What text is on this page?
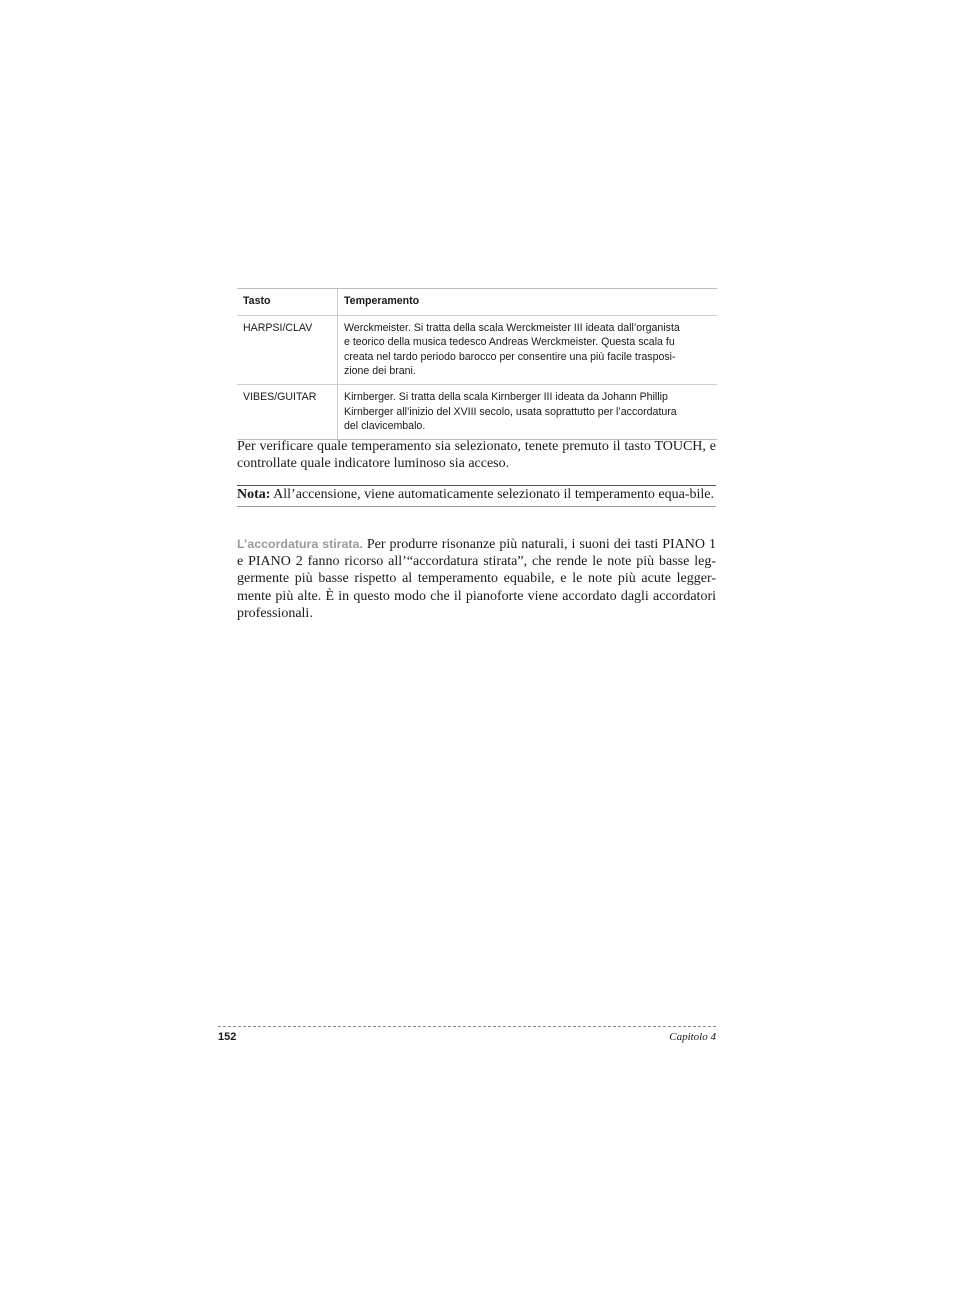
Tasto	Temperamento
HARPSI/CLAV	Werckmeister. Si tratta della scala Werckmeister III ideata dall’organista
e teorico della musica tedesco Andreas Werckmeister. Questa scala fu
creata nel tardo periodo barocco per consentire una più facile trasposi-
zione dei brani.
VIBES/GUITAR	Kirnberger. Si tratta della scala Kirnberger III ideata da Johann Phillip
Kirnberger all’inizio del XVIII secolo, usata soprattutto per l’accordatura
del clavicembalo.

Per verificare quale temperamento sia selezionato, tenete premuto il tasto TOUCH, e controllate quale indicatore luminoso sia acceso.

Nota: All’accensione, viene automaticamente selezionato il temperamento equa-bile.

L’accordatura stirata. Per produrre risonanze più naturali, i suoni dei tasti PIANO 1 e PIANO 2 fanno ricorso all’“accordatura stirata”, che rende le note più basse leg-germente più basse rispetto al temperamento equabile, e le note più acute legger-mente più alte. È in questo modo che il pianoforte viene accordato dagli accordatori professionali.

152	Capitolo 4
